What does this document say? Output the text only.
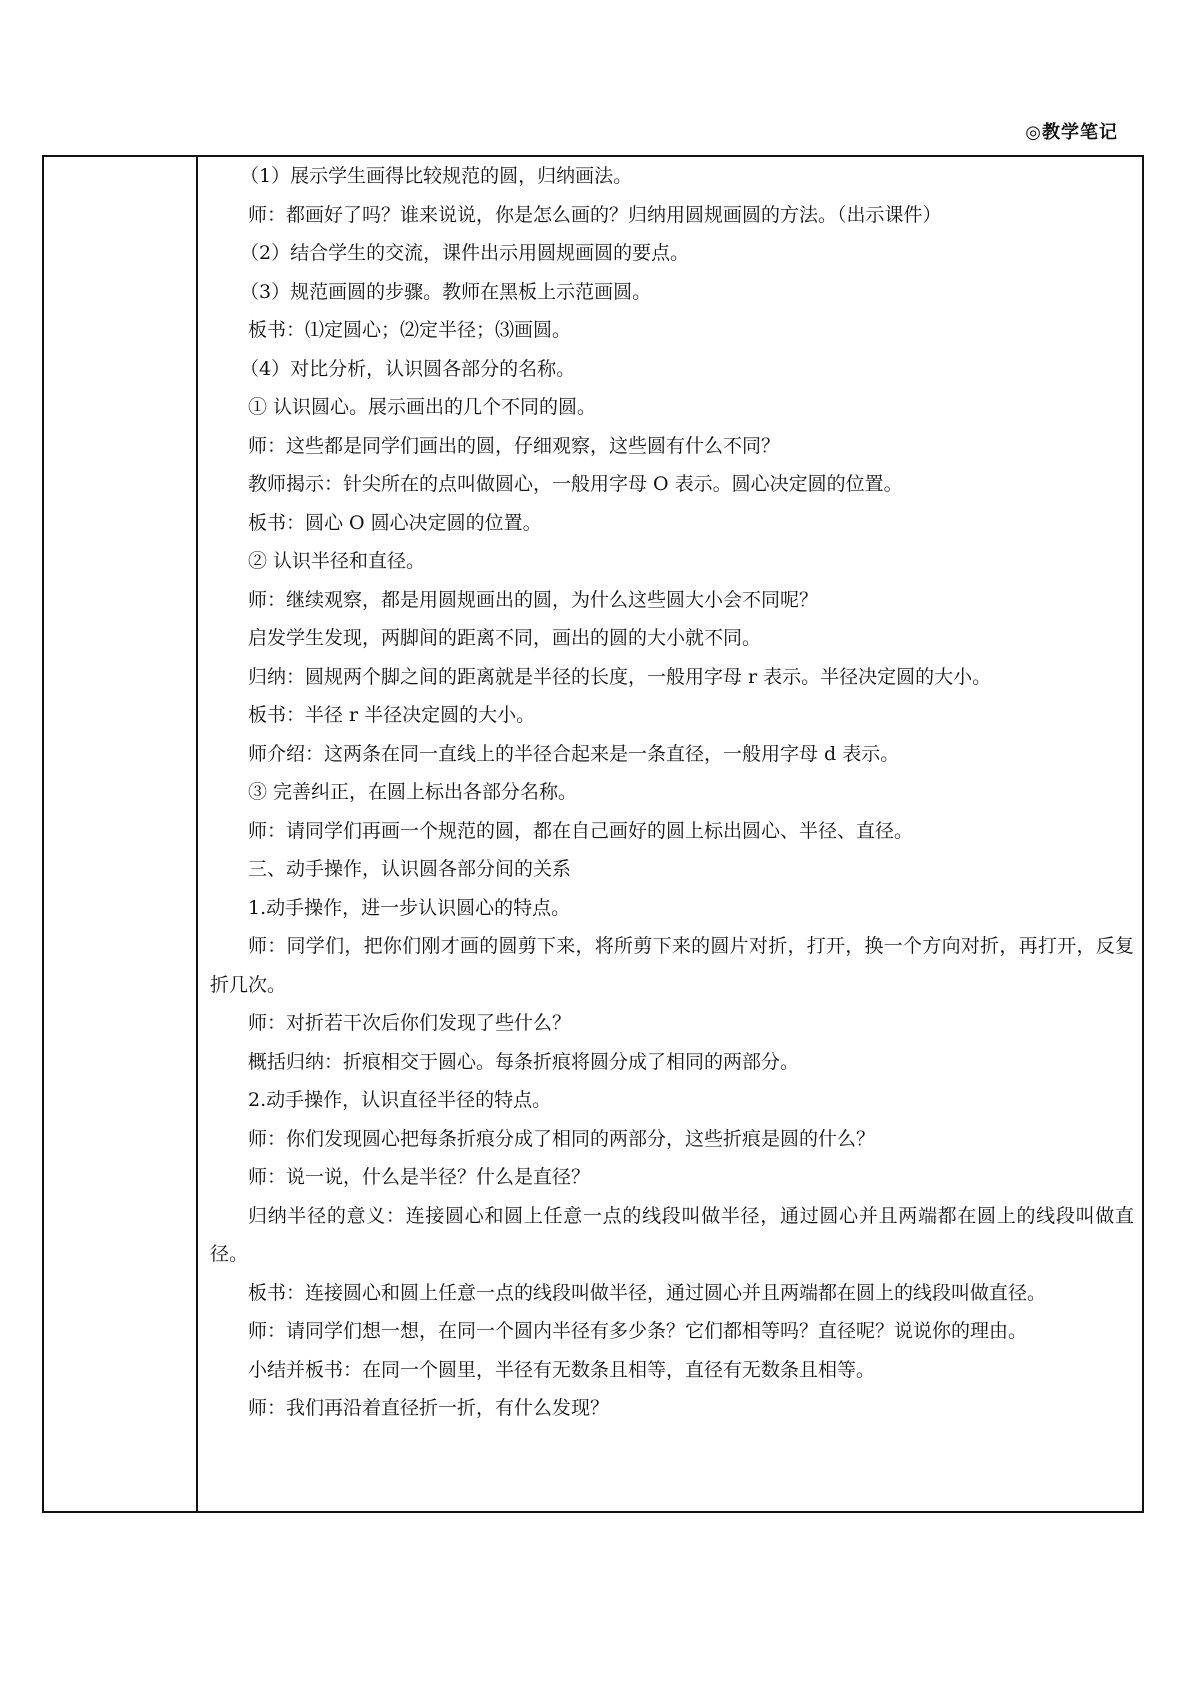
◎教学笔记

（1）展示学生画得比较规范的圆，归纳画法。

师：都画好了吗？谁来说说，你是怎么画的？归纳用圆规画圆的方法。（出示课件）

（2）结合学生的交流，课件出示用圆规画圆的要点。

（3）规范画圆的步骤。教师在黑板上示范画圆。

板书：⑴定圆心；⑵定半径；⑶画圆。

（4）对比分析，认识圆各部分的名称。

① 认识圆心。展示画出的几个不同的圆。

师：这些都是同学们画出的圆，仔细观察，这些圆有什么不同？

教师揭示：针尖所在的点叫做圆心，一般用字母 O 表示。圆心决定圆的位置。

板书：圆心 O 圆心决定圆的位置。

② 认识半径和直径。

师：继续观察，都是用圆规画出的圆，为什么这些圆大小会不同呢？

启发学生发现，两脚间的距离不同，画出的圆的大小就不同。

归纳：圆规两个脚之间的距离就是半径的长度，一般用字母 r 表示。半径决定圆的大小。

板书：半径 r 半径决定圆的大小。

师介绍：这两条在同一直线上的半径合起来是一条直径，一般用字母 d 表示。

③ 完善纠正，在圆上标出各部分名称。

师：请同学们再画一个规范的圆，都在自己画好的圆上标出圆心、半径、直径。

三、动手操作，认识圆各部分间的关系

1.动手操作，进一步认识圆心的特点。

师：同学们，把你们刚才画的圆剪下来，将所剪下来的圆片对折，打开，换一个方向对折，再打开，反复折几次。

师：对折若干次后你们发现了些什么？

概括归纳：折痕相交于圆心。每条折痕将圆分成了相同的两部分。

2.动手操作，认识直径半径的特点。

师：你们发现圆心把每条折痕分成了相同的两部分，这些折痕是圆的什么？

师：说一说，什么是半径？什么是直径？

归纳半径的意义：连接圆心和圆上任意一点的线段叫做半径，通过圆心并且两端都在圆上的线段叫做直径。

板书：连接圆心和圆上任意一点的线段叫做半径，通过圆心并且两端都在圆上的线段叫做直径。

师：请同学们想一想，在同一个圆内半径有多少条？它们都相等吗？直径呢？说说你的理由。

小结并板书：在同一个圆里，半径有无数条且相等，直径有无数条且相等。

师：我们再沿着直径折一折，有什么发现？
